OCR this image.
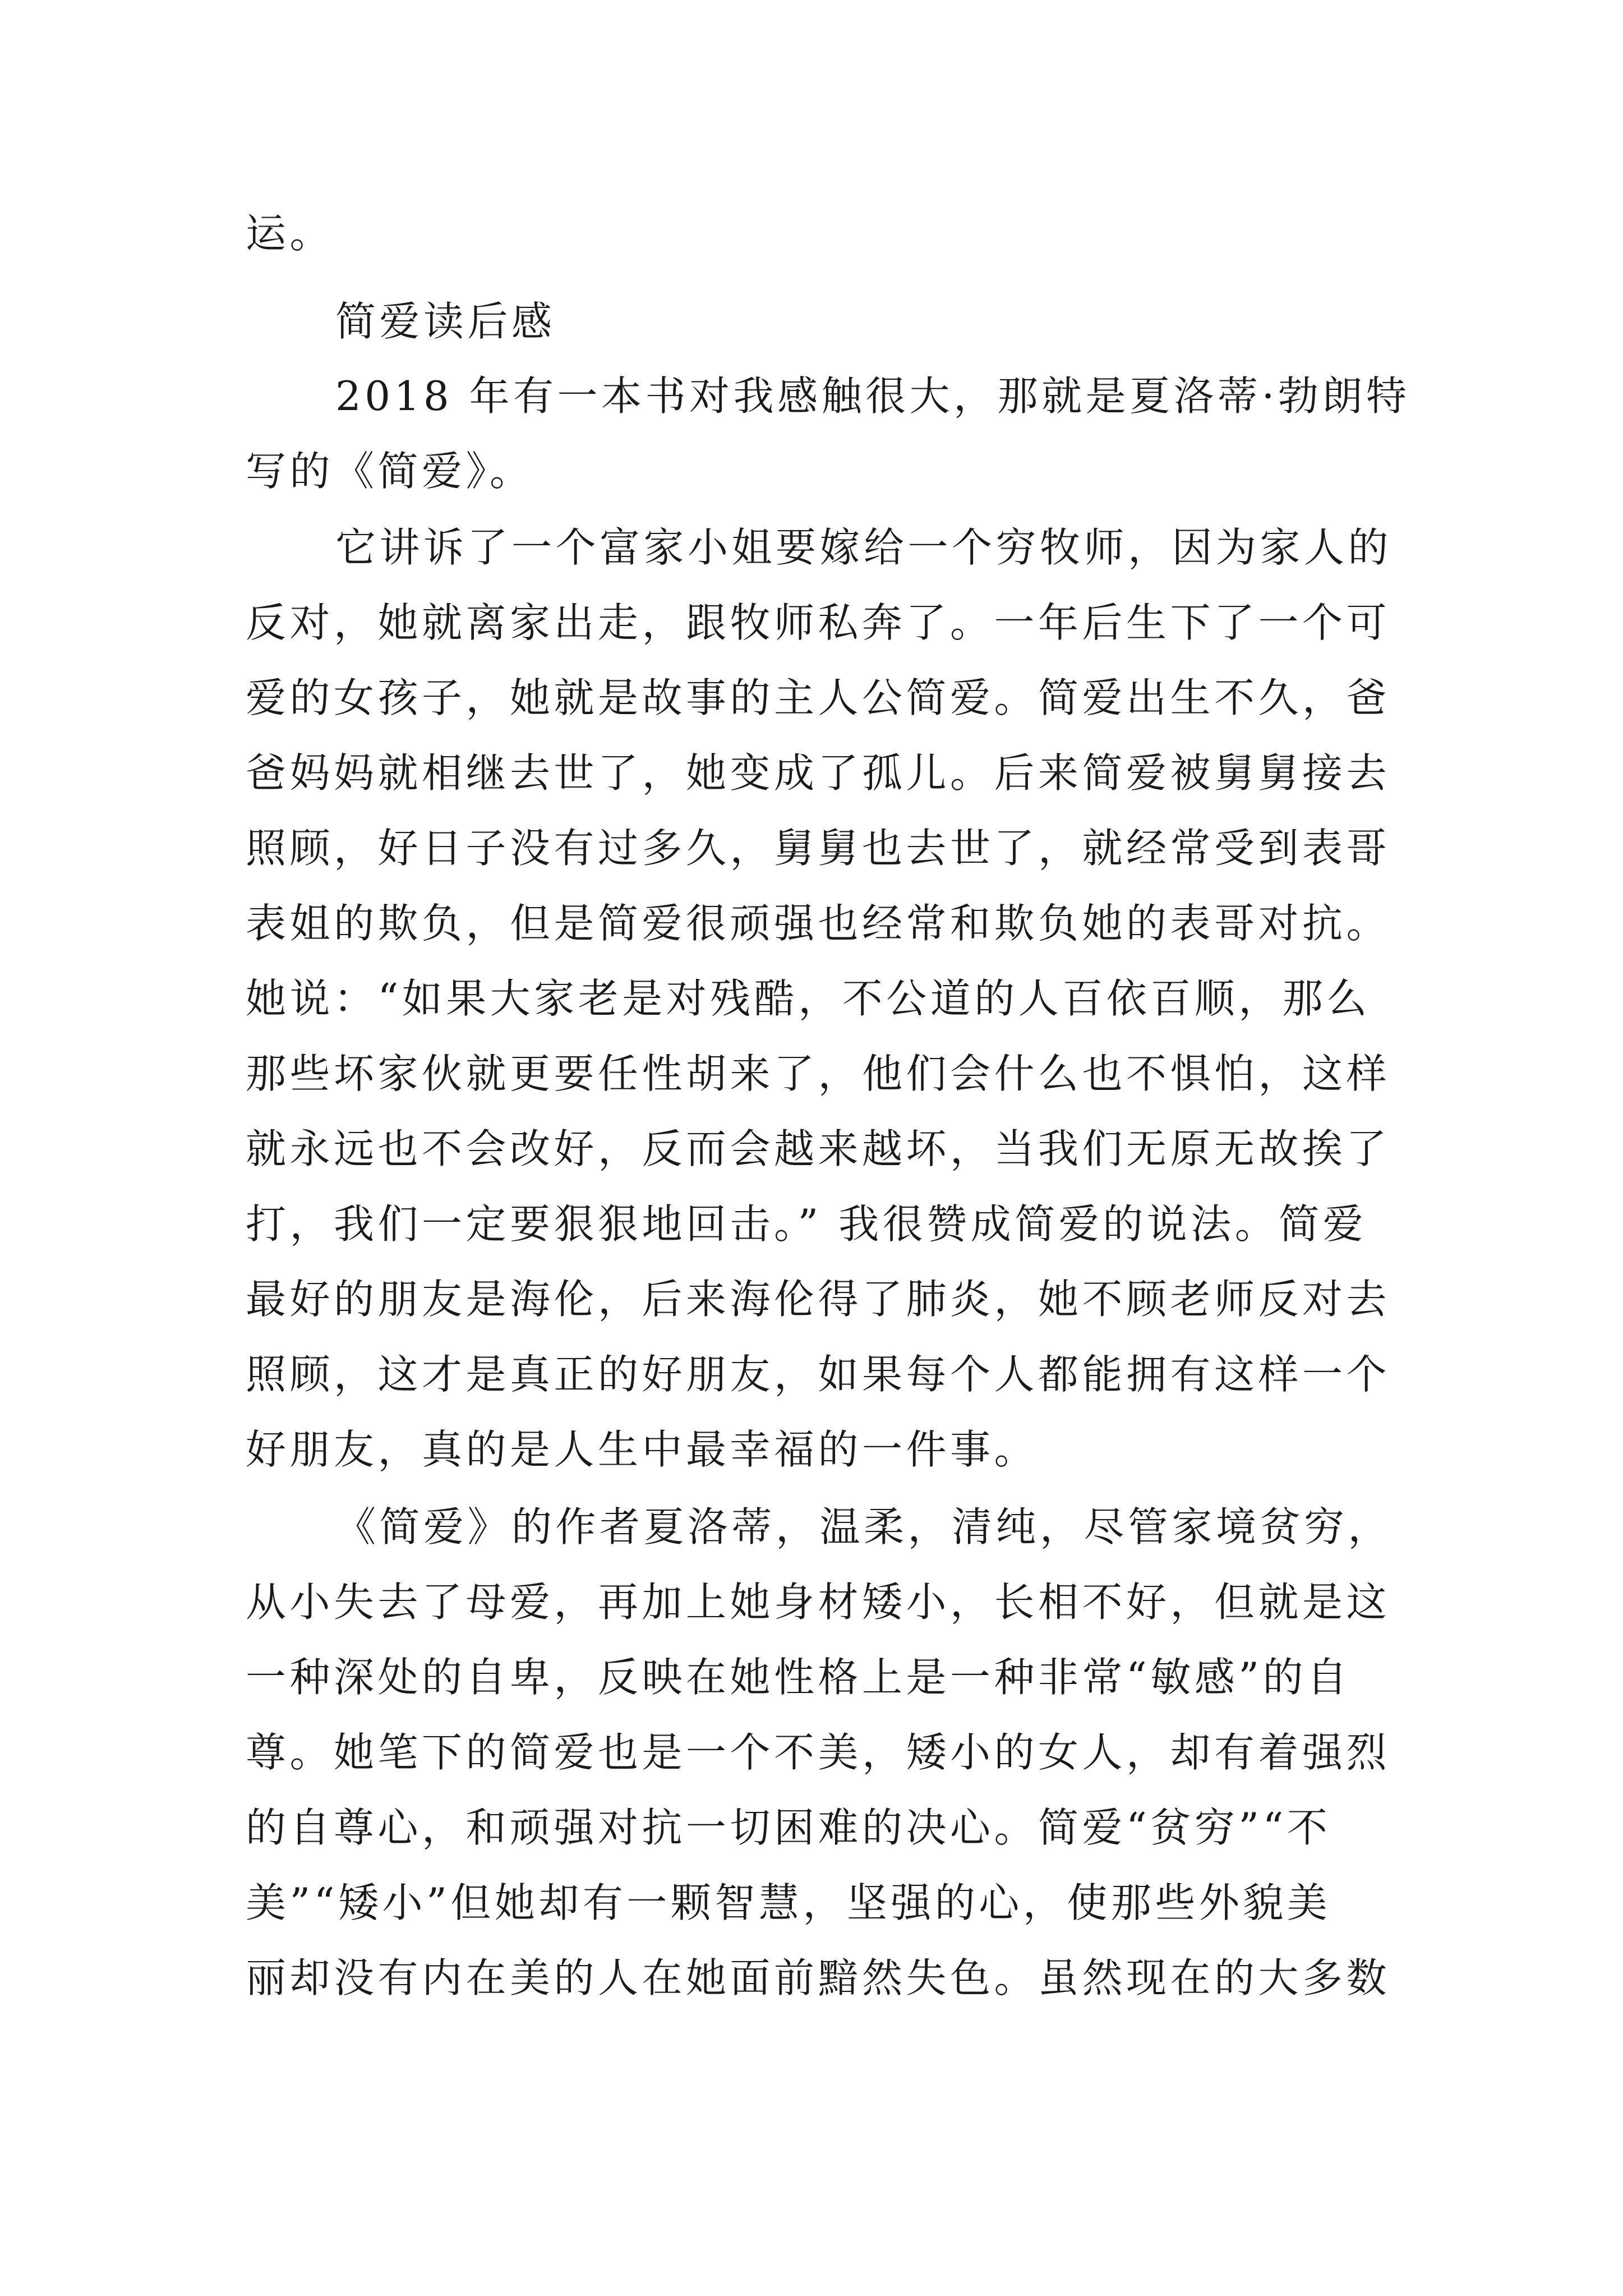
运。
简爱读后感
2018 年有一本书对我感触很大，那就是夏洛蒂·勃朗特
写的《简爱》。
它讲诉了一个富家小姐要嫁给一个穷牧师，因为家人的
反对，她就离家出走，跟牧师私奔了。一年后生下了一个可
爱的女孩子，她就是故事的主人公简爱。简爱出生不久，爸
爸妈妈就相继去世了，她变成了孤儿。后来简爱被舅舅接去
照顾，好日子没有过多久，舅舅也去世了，就经常受到表哥
表姐的欺负，但是简爱很顽强也经常和欺负她的表哥对抗。
她说：“如果大家老是对残酷，不公道的人百依百顺，那么
那些坏家伙就更要任性胡来了，他们会什么也不惧怕，这样
就永远也不会改好，反而会越来越坏，当我们无原无故挨了
打，我们一定要狠狠地回击。” 我很赞成简爱的说法。简爱
最好的朋友是海伦，后来海伦得了肺炎，她不顾老师反对去
照顾，这才是真正的好朋友，如果每个人都能拥有这样一个
好朋友，真的是人生中最幸福的一件事。
《简爱》的作者夏洛蒂，温柔，清纯，尽管家境贫穷，
从小失去了母爱，再加上她身材矮小，长相不好，但就是这
一种深处的自卑，反映在她性格上是一种非常“敏感”的自
尊。她笔下的简爱也是一个不美，矮小的女人，却有着强烈
的自尊心，和顽强对抗一切困难的决心。简爱“贫穷”“不
美”“矮小”但她却有一颗智慧，坚强的心，使那些外貌美
丽却没有内在美的人在她面前黯然失色。虽然现在的大多数
